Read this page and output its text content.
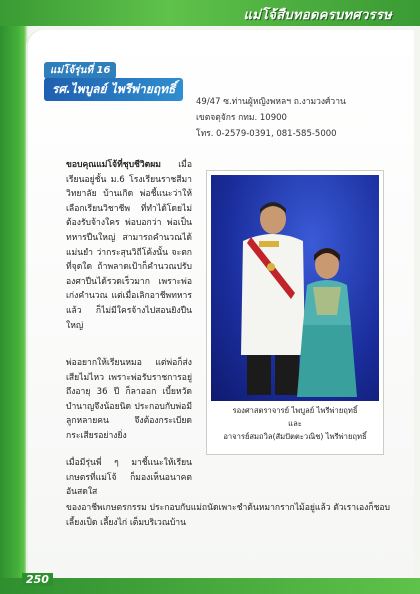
แม่โจ้สืบทอดครบทศวรรษ
แม่โจ้รุ่นที่ 16
รศ.ไพบูลย์ ไพรีพ่ายฤทธิ์
49/47 ซ.ท่านผู้หญิงพหลฯ ถ.งามวงศ์วาน
เขตจตุจักร กทม. 10900
โทร. 0-2579-0391, 081-585-5000
ขอบคุณแม่โจ้ที่ชุบชีวิตผม เมื่อเรียนอยู่ชั้น ม.6 โรงเรียนราชสีมาวิทยาลัย บ้านเกิด พ่อชี้แนะว่าให้เลือกเรียนวิชาชีพ ที่ทำได้โดยไม่ต้องรับจ้างใคร พ่อบอกว่า พ่อเป็นทหารปืนใหญ่ สามารถคำนวณได้แม่นยำ ว่ากระสุนวิถีโค้งนั้น จะตกที่จุดใด ถ้าพลาดเป้าก็คำนวณปรับองศาปืนได้รวดเร็วมาก เพราะพ่อเก่งคำนวณ แต่เมื่อเลิกอาชีพทหารแล้ว ก็ไม่มีใครจ้างไปสอนยิงปืนใหญ่
พ่ออยากให้เรียนหมอ แต่พ่อก็ส่งเสียไม่ไหว เพราะพ่อรับราชการอยู่ถึงอายุ 36 ปี ก็ลาออก เบี้ยหวัดบำนาญจึงน้อยนิด ประกอบกับพ่อมีลูกหลายคน จึงต้องกระเบียดกระเสียรอย่างยิ่ง
เมื่อมีรุ่นพี่ ๆ มาชี้แนะให้เรียนเกษตรที่แม่โจ้ ก็มองเห็นอนาคตอันสดใส
ของอาชีพเกษตรกรรม ประกอบกับแม่ถนัดเพาะชำต้นหมากรากไม้อยู่แล้ว ตัวเราเองก็ชอบเลี้ยงเป็ด เลี้ยงไก่ เต็มบริเวณบ้าน
รองศาสตราจารย์ ไพบูลย์ ไพรีพ่ายฤทธิ์
และ
อาจารย์สมถวิล(สัมปัตตะวณิช) ไพรีพ่ายฤทธิ์
250
